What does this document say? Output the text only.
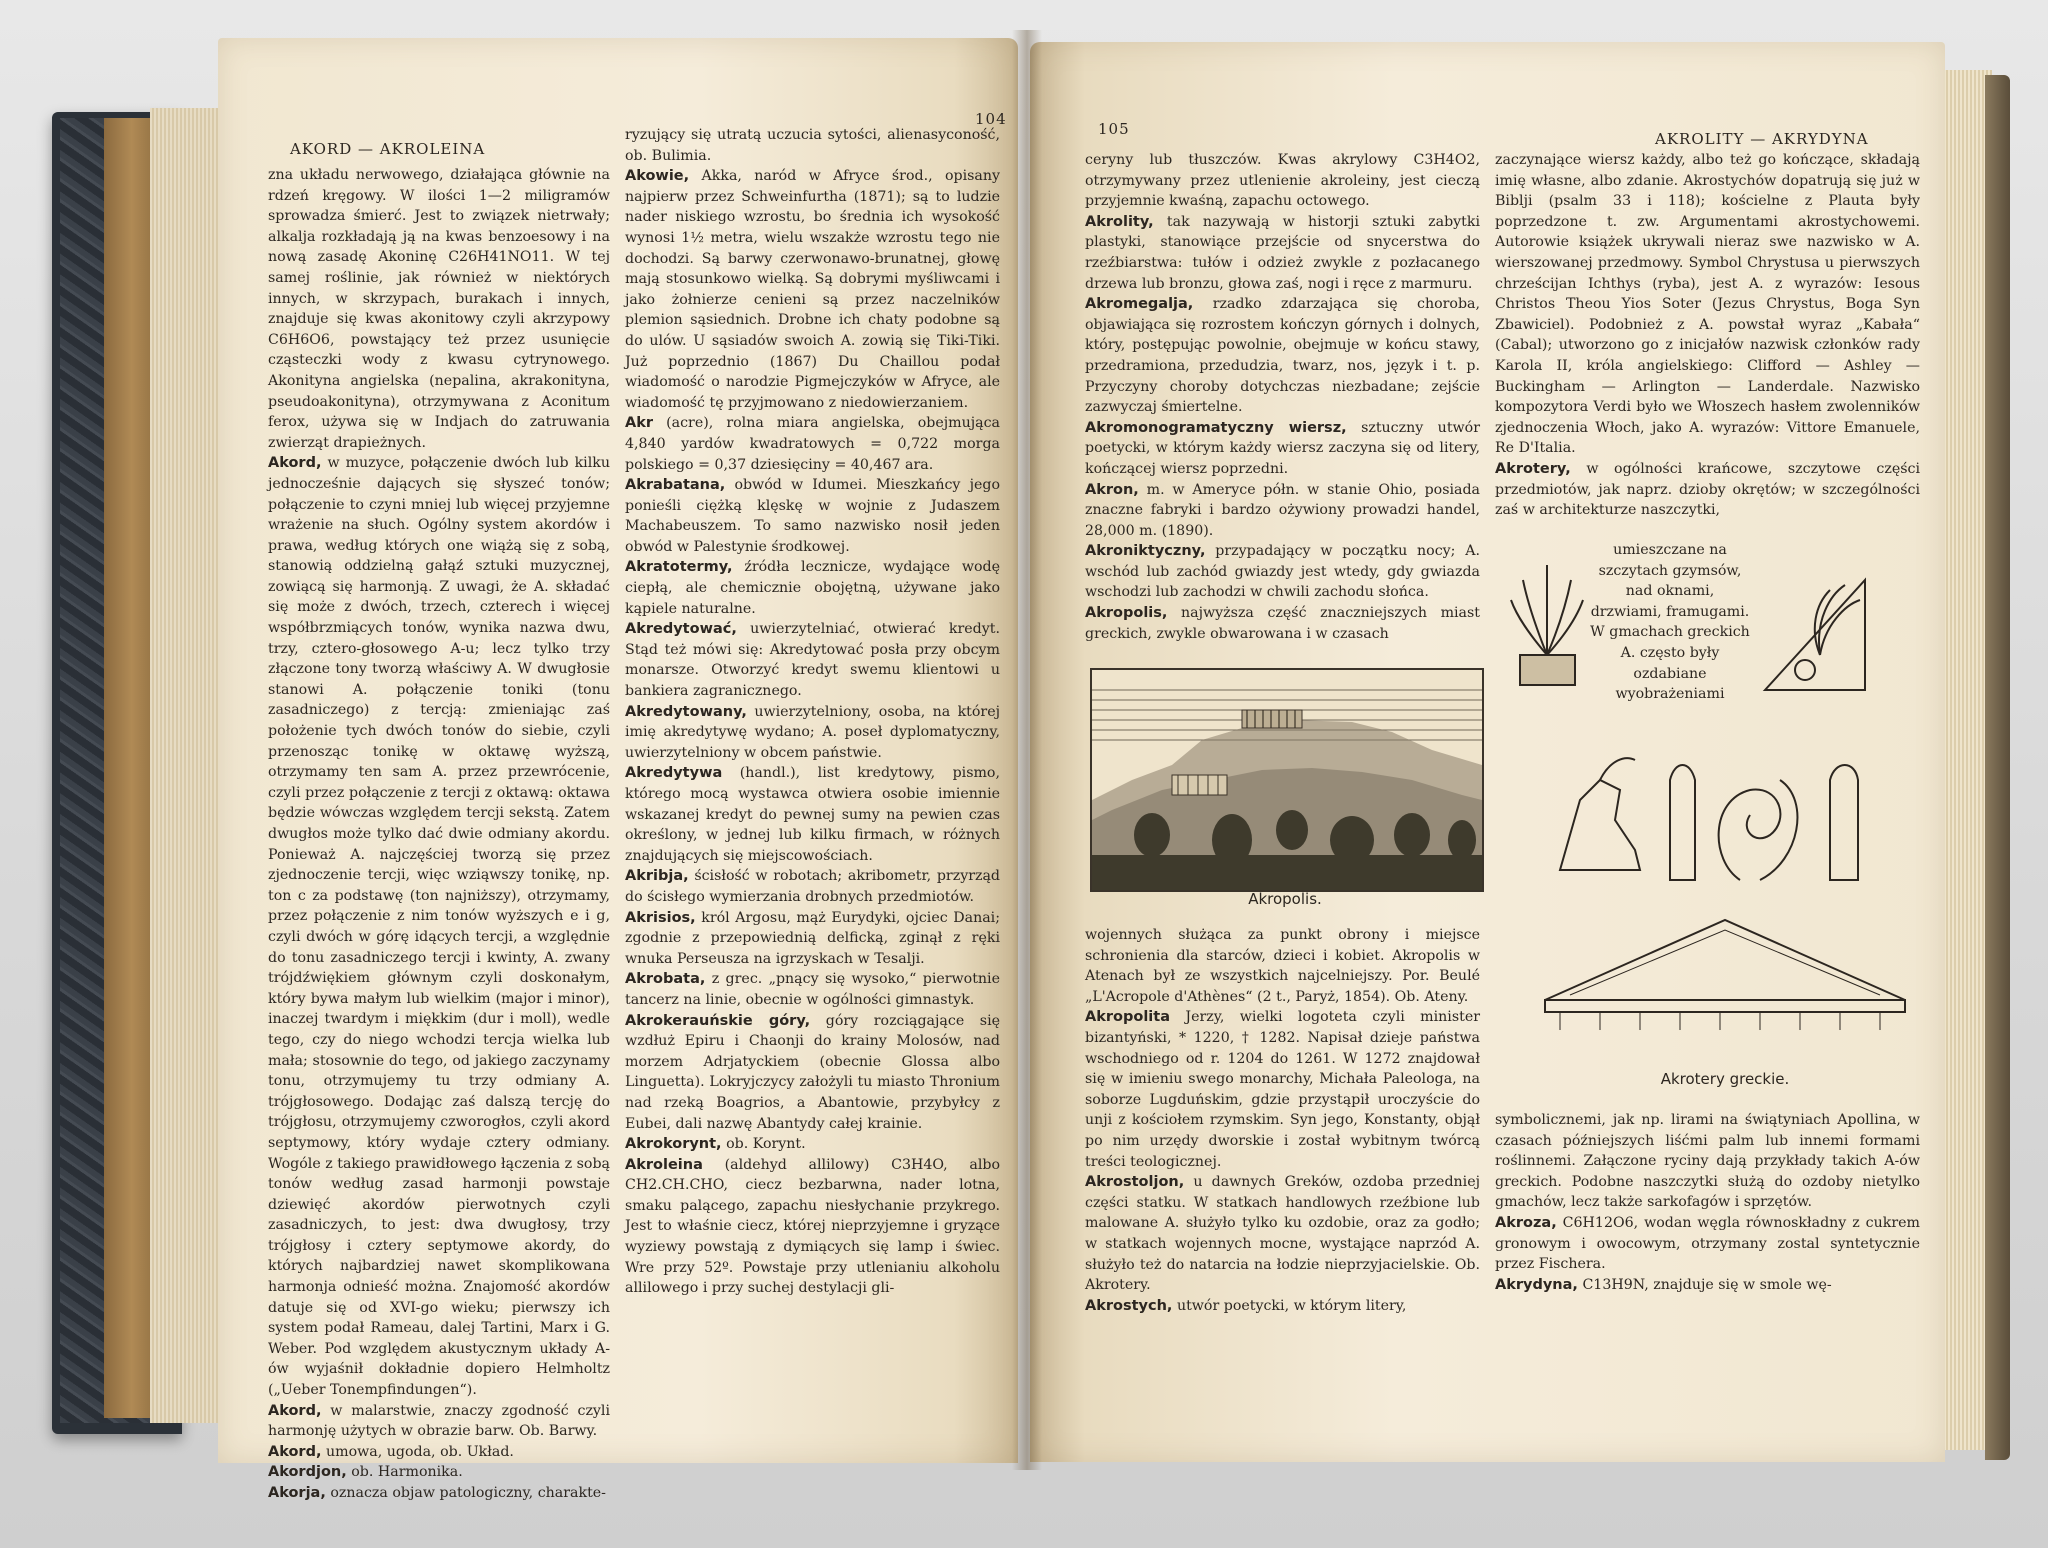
AKORD — AKROLEINA
104

zna układu nerwowego, działająca głównie na rdzeń kręgowy. W ilości 1—2 miligramów sprowadza śmierć. Jest to związek nietrwały; alkalja rozkładają ją na kwas benzoesowy i na nową zasadę Akoninę C26H41NO11. W tej samej roślinie, jak również w niektórych innych, w skrzypach, burakach i innych, znajduje się kwas akonitowy czyli akrzypowy C6H6O6, powstający też przez usunięcie cząsteczki wody z kwasu cytrynowego. Akonityna angielska (nepalina, akrakonityna, pseudoakonityna), otrzymywana z Aconitum ferox, używa się w Indjach do zatruwania zwierząt drapieżnych.

Akord, w muzyce, połączenie dwóch lub kilku jednocześnie dających się słyszeć tonów; połączenie to czyni mniej lub więcej przyjemne wrażenie na słuch. Ogólny system akordów i prawa, według których one wiążą się z sobą, stanowią oddzielną gałąź sztuki muzycznej, zowiącą się harmonją. Z uwagi, że A. składać się może z dwóch, trzech, czterech i więcej współbrzmiących tonów, wynika nazwa dwu, trzy, cztero-głosowego A-u; lecz tylko trzy złączone tony tworzą właściwy A. W dwugłosie stanowi A. połączenie toniki (tonu zasadniczego) z tercją: zmieniając zaś położenie tych dwóch tonów do siebie, czyli przenosząc tonikę w oktawę wyższą, otrzymamy ten sam A. przez przewrócenie, czyli przez połączenie z tercji z oktawą: oktawa będzie wówczas względem tercji sekstą. Zatem dwugłos może tylko dać dwie odmiany akordu. Ponieważ A. najczęściej tworzą się przez zjednoczenie tercji, więc wziąwszy tonikę, np. ton c za podstawę (ton najniższy), otrzymamy, przez połączenie z nim tonów wyższych e i g, czyli dwóch w górę idących tercji, a względnie do tonu zasadniczego tercji i kwinty, A. zwany trójdźwiękiem głównym czyli doskonałym, który bywa małym lub wielkim (major i minor), inaczej twardym i miękkim (dur i moll), wedle tego, czy do niego wchodzi tercja wielka lub mała; stosownie do tego, od jakiego zaczynamy tonu, otrzymujemy tu trzy odmiany A. trójgłosowego. Dodając zaś dalszą tercję do trójgłosu, otrzymujemy czworogłos, czyli akord septymowy, który wydaje cztery odmiany. Wogóle z takiego prawidłowego łączenia z sobą tonów według zasad harmonji powstaje dziewięć akordów pierwotnych czyli zasadniczych, to jest: dwa dwugłosy, trzy trójgłosy i cztery septymowe akordy, do których najbardziej nawet skomplikowana harmonja odnieść można. Znajomość akordów datuje się od XVI-go wieku; pierwszy ich system podał Rameau, dalej Tartini, Marx i G. Weber. Pod względem akustycznym układy A-ów wyjaśnił dokładnie dopiero Helmholtz („Ueber Tonempfindungen“).

Akord, w malarstwie, znaczy zgodność czyli harmonję użytych w obrazie barw. Ob. Barwy.

Akord, umowa, ugoda, ob. Układ.

Akordjon, ob. Harmonika.

Akorja, oznacza objaw patologiczny, charakte-

ryzujący się utratą uczucia sytości, alienasyconość, ob. Bulimia.

Akowie, Akka, naród w Afryce środ., opisany najpierw przez Schweinfurtha (1871); są to ludzie nader niskiego wzrostu, bo średnia ich wysokość wynosi 1½ metra, wielu wszakże wzrostu tego nie dochodzi. Są barwy czerwonawo-brunatnej, głowę mają stosunkowo wielką. Są dobrymi myśliwcami i jako żołnierze cenieni są przez naczelników plemion sąsiednich. Drobne ich chaty podobne są do ulów. U sąsiadów swoich A. zowią się Tiki-Tiki. Już poprzednio (1867) Du Chaillou podał wiadomość o narodzie Pigmejczyków w Afryce, ale wiadomość tę przyjmowano z niedowierzaniem.

Akr (acre), rolna miara angielska, obejmująca 4,840 yardów kwadratowych = 0,722 morga polskiego = 0,37 dziesięciny = 40,467 ara.

Akrabatana, obwód w Idumei. Mieszkańcy jego ponieśli ciężką klęskę w wojnie z Judaszem Machabeuszem. To samo nazwisko nosił jeden obwód w Palestynie środkowej.

Akratotermy, źródła lecznicze, wydające wodę ciepłą, ale chemicznie obojętną, używane jako kąpiele naturalne.

Akredytować, uwierzytelniać, otwierać kredyt. Stąd też mówi się: Akredytować posła przy obcym monarsze. Otworzyć kredyt swemu klientowi u bankiera zagranicznego.

Akredytowany, uwierzytelniony, osoba, na której imię akredytywę wydano; A. poseł dyplomatyczny, uwierzytelniony w obcem państwie.

Akredytywa (handl.), list kredytowy, pismo, którego mocą wystawca otwiera osobie imiennie wskazanej kredyt do pewnej sumy na pewien czas określony, w jednej lub kilku firmach, w różnych znajdujących się miejscowościach.

Akribja, ścisłość w robotach; akribometr, przyrząd do ścisłego wymierzania drobnych przedmiotów.

Akrisios, król Argosu, mąż Eurydyki, ojciec Danai; zgodnie z przepowiednią delficką, zginął z ręki wnuka Perseusza na igrzyskach w Tesalji.

Akrobata, z grec. „pnący się wysoko,“ pierwotnie tancerz na linie, obecnie w ogólności gimnastyk.

Akrokerauńskie góry, góry rozciągające się wzdłuż Epiru i Chaonji do krainy Molosów, nad morzem Adrjatyckiem (obecnie Glossa albo Linguetta). Lokryjczycy założyli tu miasto Thronium nad rzeką Boagrios, a Abantowie, przybyłcy z Eubei, dali nazwę Abantydy całej krainie.

Akrokorynt, ob. Korynt.

Akroleina (aldehyd allilowy) C3H4O, albo CH2.CH.CHO, ciecz bezbarwna, nader lotna, smaku palącego, zapachu niesłychanie przykrego. Jest to właśnie ciecz, której nieprzyjemne i gryzące wyziewy powstają z dymiących się lamp i świec. Wre przy 52º. Powstaje przy utlenianiu alkoholu allilowego i przy suchej destylacji gli-

105
AKROLITY — AKRYDYNA

ceryny lub tłuszczów. Kwas akrylowy C3H4O2, otrzymywany przez utlenienie akroleiny, jest cieczą przyjemnie kwaśną, zapachu octowego.

Akrolity, tak nazywają w historji sztuki zabytki plastyki, stanowiące przejście od snycerstwa do rzeźbiarstwa: tułów i odzież zwykle z pozłacanego drzewa lub bronzu, głowa zaś, nogi i ręce z marmuru.

Akromegalja, rzadko zdarzająca się choroba, objawiająca się rozrostem kończyn górnych i dolnych, który, postępując powolnie, obejmuje w końcu stawy, przedramiona, przedudzia, twarz, nos, język i t. p. Przyczyny choroby dotychczas niezbadane; zejście zazwyczaj śmiertelne.

Akromonogramatyczny wiersz, sztuczny utwór poetycki, w którym każdy wiersz zaczyna się od litery, kończącej wiersz poprzedni.

Akron, m. w Ameryce półn. w stanie Ohio, posiada znaczne fabryki i bardzo ożywiony prowadzi handel, 28,000 m. (1890).

Akroniktyczny, przypadający w początku nocy; A. wschód lub zachód gwiazdy jest wtedy, gdy gwiazda wschodzi lub zachodzi w chwili zachodu słońca.

Akropolis, najwyższa część znaczniejszych miast greckich, zwykle obwarowana i w czasach

Akropolis.

wojennych służąca za punkt obrony i miejsce schronienia dla starców, dzieci i kobiet. Akropolis w Atenach był ze wszystkich najcelniejszy. Por. Beulé „L'Acropole d'Athènes“ (2 t., Paryż, 1854). Ob. Ateny.

Akropolita Jerzy, wielki logoteta czyli minister bizantyński, * 1220, † 1282. Napisał dzieje państwa wschodniego od r. 1204 do 1261. W 1272 znajdował się w imieniu swego monarchy, Michała Paleologa, na soborze Lugduńskim, gdzie przystąpił uroczyście do unji z kościołem rzymskim. Syn jego, Konstanty, objął po nim urzędy dworskie i został wybitnym twórcą treści teologicznej.

Akrostoljon, u dawnych Greków, ozdoba przedniej części statku. W statkach handlowych rzeźbione lub malowane A. służyło tylko ku ozdobie, oraz za godło; w statkach wojennych mocne, wystające naprzód A. służyło też do natarcia na łodzie nieprzyjacielskie. Ob. Akrotery.

Akrostych, utwór poetycki, w którym litery,

zaczynające wiersz każdy, albo też go kończące, składają imię własne, albo zdanie. Akrostychów dopatrują się już w Biblji (psalm 33 i 118); kościelne z Plauta były poprzedzone t. zw. Argumentami akrostychowemi. Autorowie książek ukrywali nieraz swe nazwisko w A. wierszowanej przedmowy. Symbol Chrystusa u pierwszych chrześcijan Ichthys (ryba), jest A. z wyrazów: Iesous Christos Theou Yios Soter (Jezus Chrystus, Boga Syn Zbawiciel). Podobnież z A. powstał wyraz „Kabała“ (Cabal); utworzono go z inicjałów nazwisk członków rady Karola II, króla angielskiego: Clifford — Ashley — Buckingham — Arlington — Landerdale. Nazwisko kompozytora Verdi było we Włoszech hasłem zwolenników zjednoczenia Włoch, jako A. wyrazów: Vittore Emanuele, Re D'Italia.

Akrotery, w ogólności krańcowe, szczytowe części przedmiotów, jak naprz. dzioby okrętów; w szczególności zaś w architekturze naszczytki,

umieszczane na szczytach gzymsów, nad oknami, drzwiami, framugami. W gmachach greckich A. często były ozdabiane wyobrażeniami
Akrotery greckie.

symbolicznemi, jak np. lirami na świątyniach Apollina, w czasach późniejszych liśćmi palm lub innemi formami roślinnemi. Załączone ryciny dają przykłady takich A-ów greckich. Podobne naszczytki służą do ozdoby nietylko gmachów, lecz także sarkofagów i sprzętów.

Akroza, C6H12O6, wodan węgla równoskładny z cukrem gronowym i owocowym, otrzymany zostal syntetycznie przez Fischera.

Akrydyna, C13H9N, znajduje się w smole wę-
